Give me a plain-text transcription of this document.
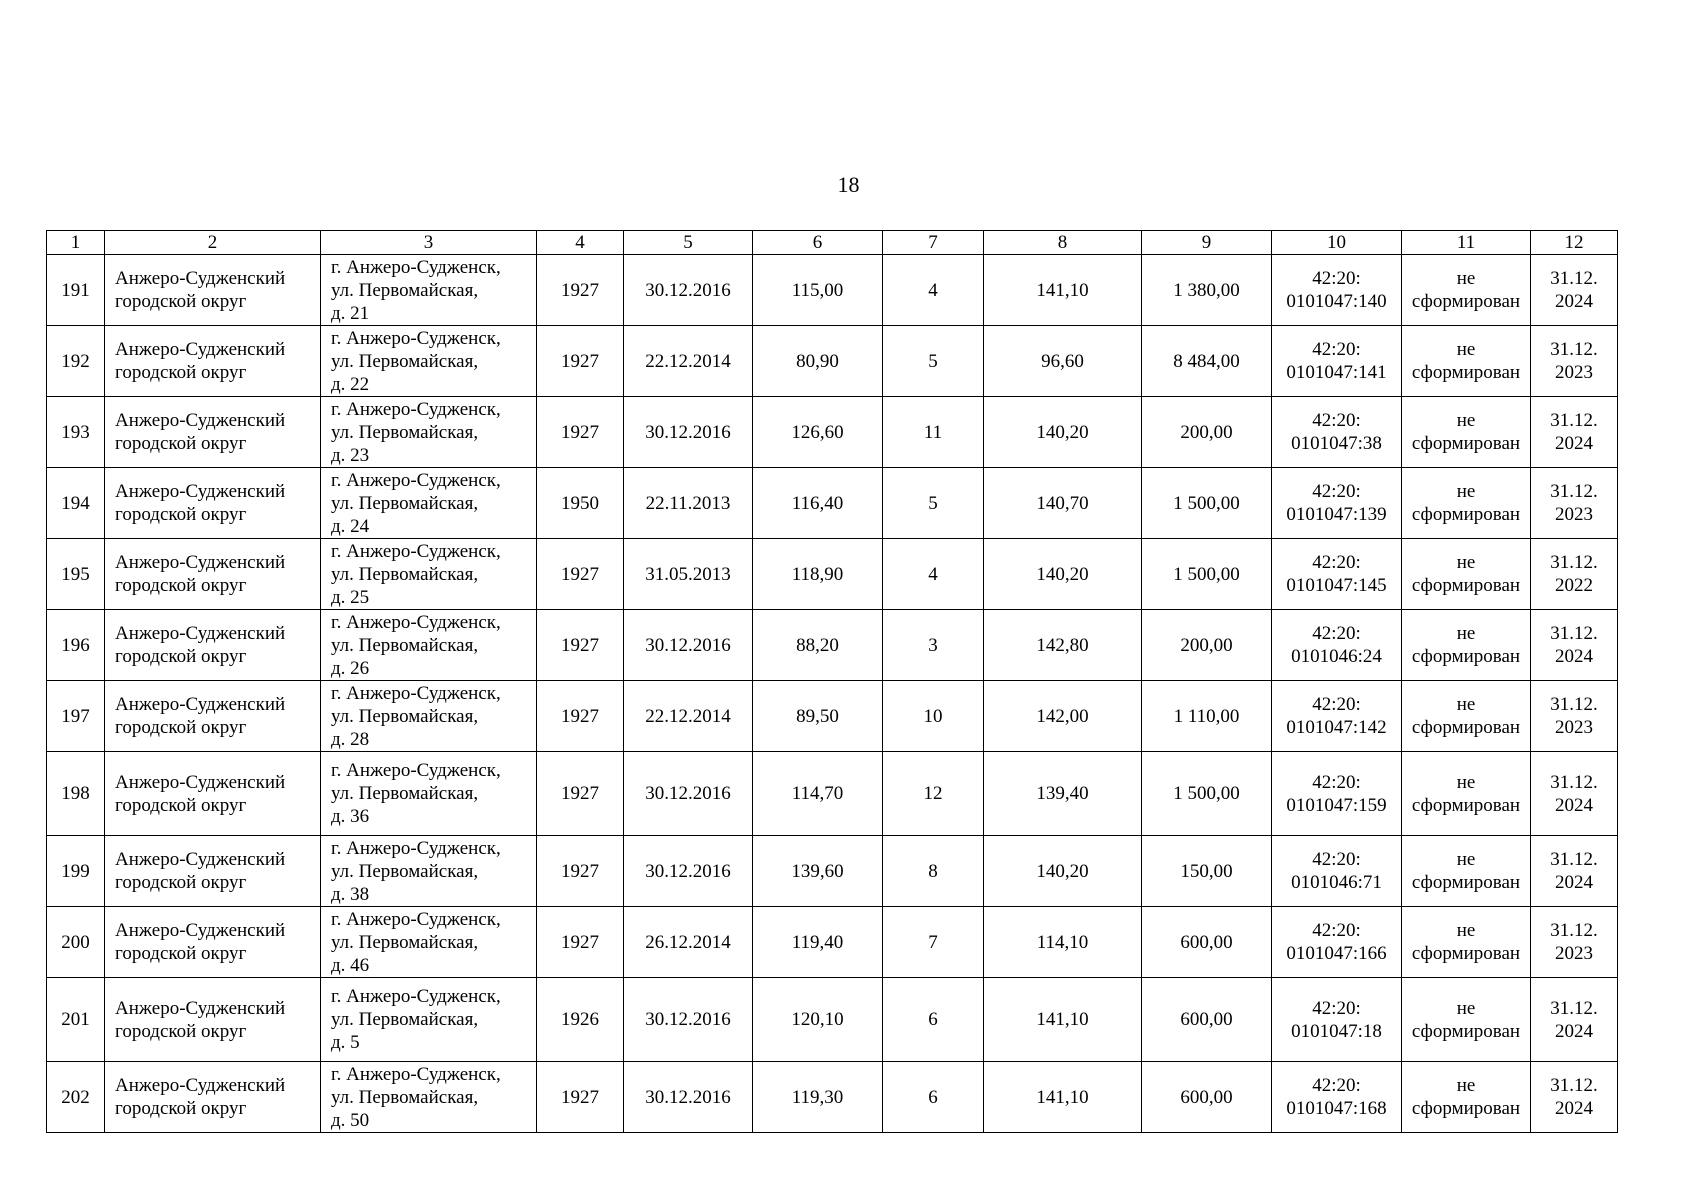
18
1	2	3	4	5	6	7	8	9	10	11	12
191	Анжеро-Судженский
городской округ	г. Анжеро-Судженск,
ул. Первомайская,
д. 21	1927	30.12.2016	115,00	4	141,10	1 380,00	42:20:
0101047:140	не
сформирован	31.12.
2024

192	Анжеро-Судженский
городской округ	г. Анжеро-Судженск,
ул. Первомайская,
д. 22	1927	22.12.2014	80,90	5	96,60	8 484,00	42:20:
0101047:141	не
сформирован	31.12.
2023

193	Анжеро-Судженский
городской округ	г. Анжеро-Судженск,
ул. Первомайская,
д. 23	1927	30.12.2016	126,60	11	140,20	200,00	42:20:
0101047:38	не
сформирован	31.12.
2024

194	Анжеро-Судженский
городской округ	г. Анжеро-Судженск,
ул. Первомайская,
д. 24	1950	22.11.2013	116,40	5	140,70	1 500,00	42:20:
0101047:139	не
сформирован	31.12.
2023

195	Анжеро-Судженский
городской округ	г. Анжеро-Судженск,
ул. Первомайская,
д. 25	1927	31.05.2013	118,90	4	140,20	1 500,00	42:20:
0101047:145	не
сформирован	31.12.
2022

196	Анжеро-Судженский
городской округ	г. Анжеро-Судженск,
ул. Первомайская,
д. 26	1927	30.12.2016	88,20	3	142,80	200,00	42:20:
0101046:24	не
сформирован	31.12.
2024

197	Анжеро-Судженский
городской округ	г. Анжеро-Судженск,
ул. Первомайская,
д. 28	1927	22.12.2014	89,50	10	142,00	1 110,00	42:20:
0101047:142	не
сформирован	31.12.
2023

198	Анжеро-Судженский
городской округ	г. Анжеро-Судженск,
ул. Первомайская,
д. 36	1927	30.12.2016	114,70	12	139,40	1 500,00	42:20:
0101047:159	не
сформирован	31.12.
2024

199	Анжеро-Судженский
городской округ	г. Анжеро-Судженск,
ул. Первомайская,
д. 38	1927	30.12.2016	139,60	8	140,20	150,00	42:20:
0101046:71	не
сформирован	31.12.
2024

200	Анжеро-Судженский
городской округ	г. Анжеро-Судженск,
ул. Первомайская,
д. 46	1927	26.12.2014	119,40	7	114,10	600,00	42:20:
0101047:166	не
сформирован	31.12.
2023

201	Анжеро-Судженский
городской округ	г. Анжеро-Судженск,
ул. Первомайская,
д. 5	1926	30.12.2016	120,10	6	141,10	600,00	42:20:
0101047:18	не
сформирован	31.12.
2024

202	Анжеро-Судженский
городской округ	г. Анжеро-Судженск,
ул. Первомайская,
д. 50	1927	30.12.2016	119,30	6	141,10	600,00	42:20:
0101047:168	не
сформирован	31.12.
2024
